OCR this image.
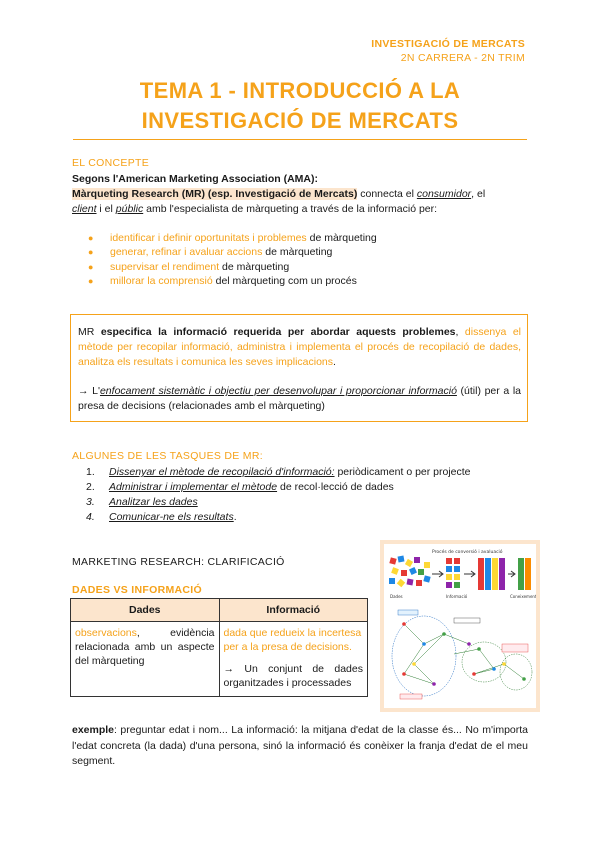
INVESTIGACIÓ DE MERCATS
2N CARRERA - 2N TRIM
TEMA 1 - INTRODUCCIÓ A LA
INVESTIGACIÓ DE MERCATS
EL CONCEPTE
Segons l'American Marketing Association (AMA):
Màrqueting Research (MR) (esp. Investigació de Mercats) connecta el consumidor, el
client i el públic amb l'especialista de màrqueting a través de la informació per:
● identificar i definir oportunitats i problemes de màrqueting
● generar, refinar i avaluar accions de màrqueting
● supervisar el rendiment de màrqueting
● millorar la comprensió del màrqueting com un procés

MR especifica la informació requerida per abordar aquests problemes, dissenya el mètode per recopilar informació, administra i implementa el procés de recopilació de dades, analitza els resultats i comunica les seves implicacions.

→ L'enfocament sistemàtic i objectiu per desenvolupar i proporcionar informació (útil) per a la presa de decisions (relacionades amb el màrqueting)

ALGUNES DE LES TASQUES DE MR:
1. Dissenyar el mètode de recopilació d'informació: periòdicament o per projecte
2. Administrar i implementar el mètode de recol·lecció de dades
3. Analitzar les dades
4. Comunicar-ne els resultats.
MARKETING RESEARCH: CLARIFICACIÓ
DADES VS INFORMACIÓ
Dades	Informació
observacions, evidència relacionada amb un aspecte del màrqueting	dada que redueix la incertesa per a la presa de decisions.
→ Un conjunt de dades organitzades i processades
Procés de conversió i avaluació
Dades	Informació	Coneixement
exemple: preguntar edat i nom... La informació: la mitjana d'edat de la classe és... No m'importa l'edat concreta (la dada) d'una persona, sinó la informació és conèixer la franja d'edat de el meu segment.
